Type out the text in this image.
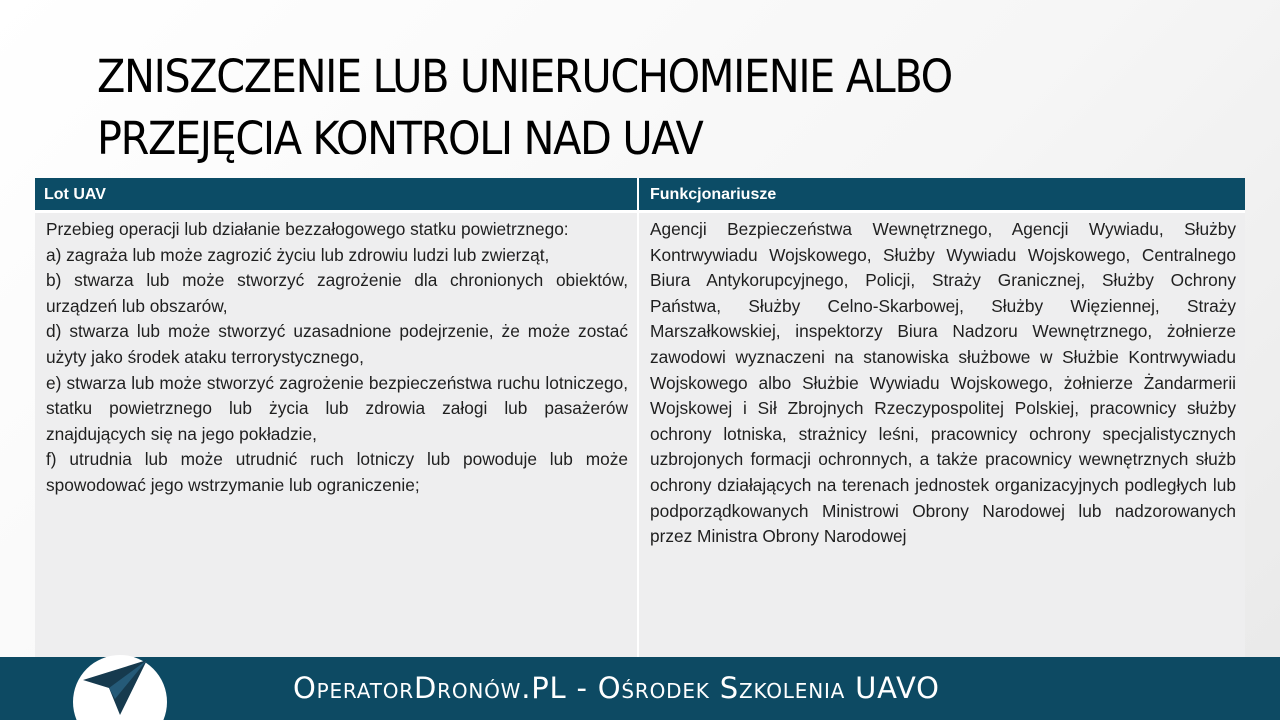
ZNISZCZENIE LUB UNIERUCHOMIENIE ALBO
PRZEJĘCIA KONTROLI NAD UAV
Lot UAV	Funkcjonariusze

Przebieg operacji lub działanie bezzałogowego statku powietrznego:

a) zagraża lub może zagrozić życiu lub zdrowiu ludzi lub zwierząt,

b) stwarza lub może stworzyć zagrożenie dla chronionych obiektów, urządzeń lub obszarów,

d) stwarza lub może stworzyć uzasadnione podejrzenie, że może zostać użyty jako środek ataku terrorystycznego,

e) stwarza lub może stworzyć zagrożenie bezpieczeństwa ruchu lotniczego, statku powietrznego lub życia lub zdrowia załogi lub pasażerów znajdujących się na jego pokładzie,

f) utrudnia lub może utrudnić ruch lotniczy lub powoduje lub może spowodować jego wstrzymanie lub ograniczenie;

Agencji Bezpieczeństwa Wewnętrznego, Agencji Wywiadu, Służby Kontrwywiadu Wojskowego, Służby Wywiadu Wojskowego, Centralnego Biura Antykorupcyjnego, Policji, Straży Granicznej, Służby Ochrony Państwa, Służby Celno-Skarbowej, Służby Więziennej, Straży Marszałkowskiej, inspektorzy Biura Nadzoru Wewnętrznego, żołnierze zawodowi wyznaczeni na stanowiska służbowe w Służbie Kontrwywiadu Wojskowego albo Służbie Wywiadu Wojskowego, żołnierze Żandarmerii Wojskowej i Sił Zbrojnych Rzeczypospolitej Polskiej, pracownicy służby ochrony lotniska, strażnicy leśni, pracownicy ochrony specjalistycznych uzbrojonych formacji ochronnych, a także pracownicy wewnętrznych służb ochrony działających na terenach jednostek organizacyjnych podległych lub podporządkowanych Ministrowi Obrony Narodowej lub nadzorowanych przez Ministra Obrony Narodowej

OperatorDronów.PL - Ośrodek Szkolenia UAVO
